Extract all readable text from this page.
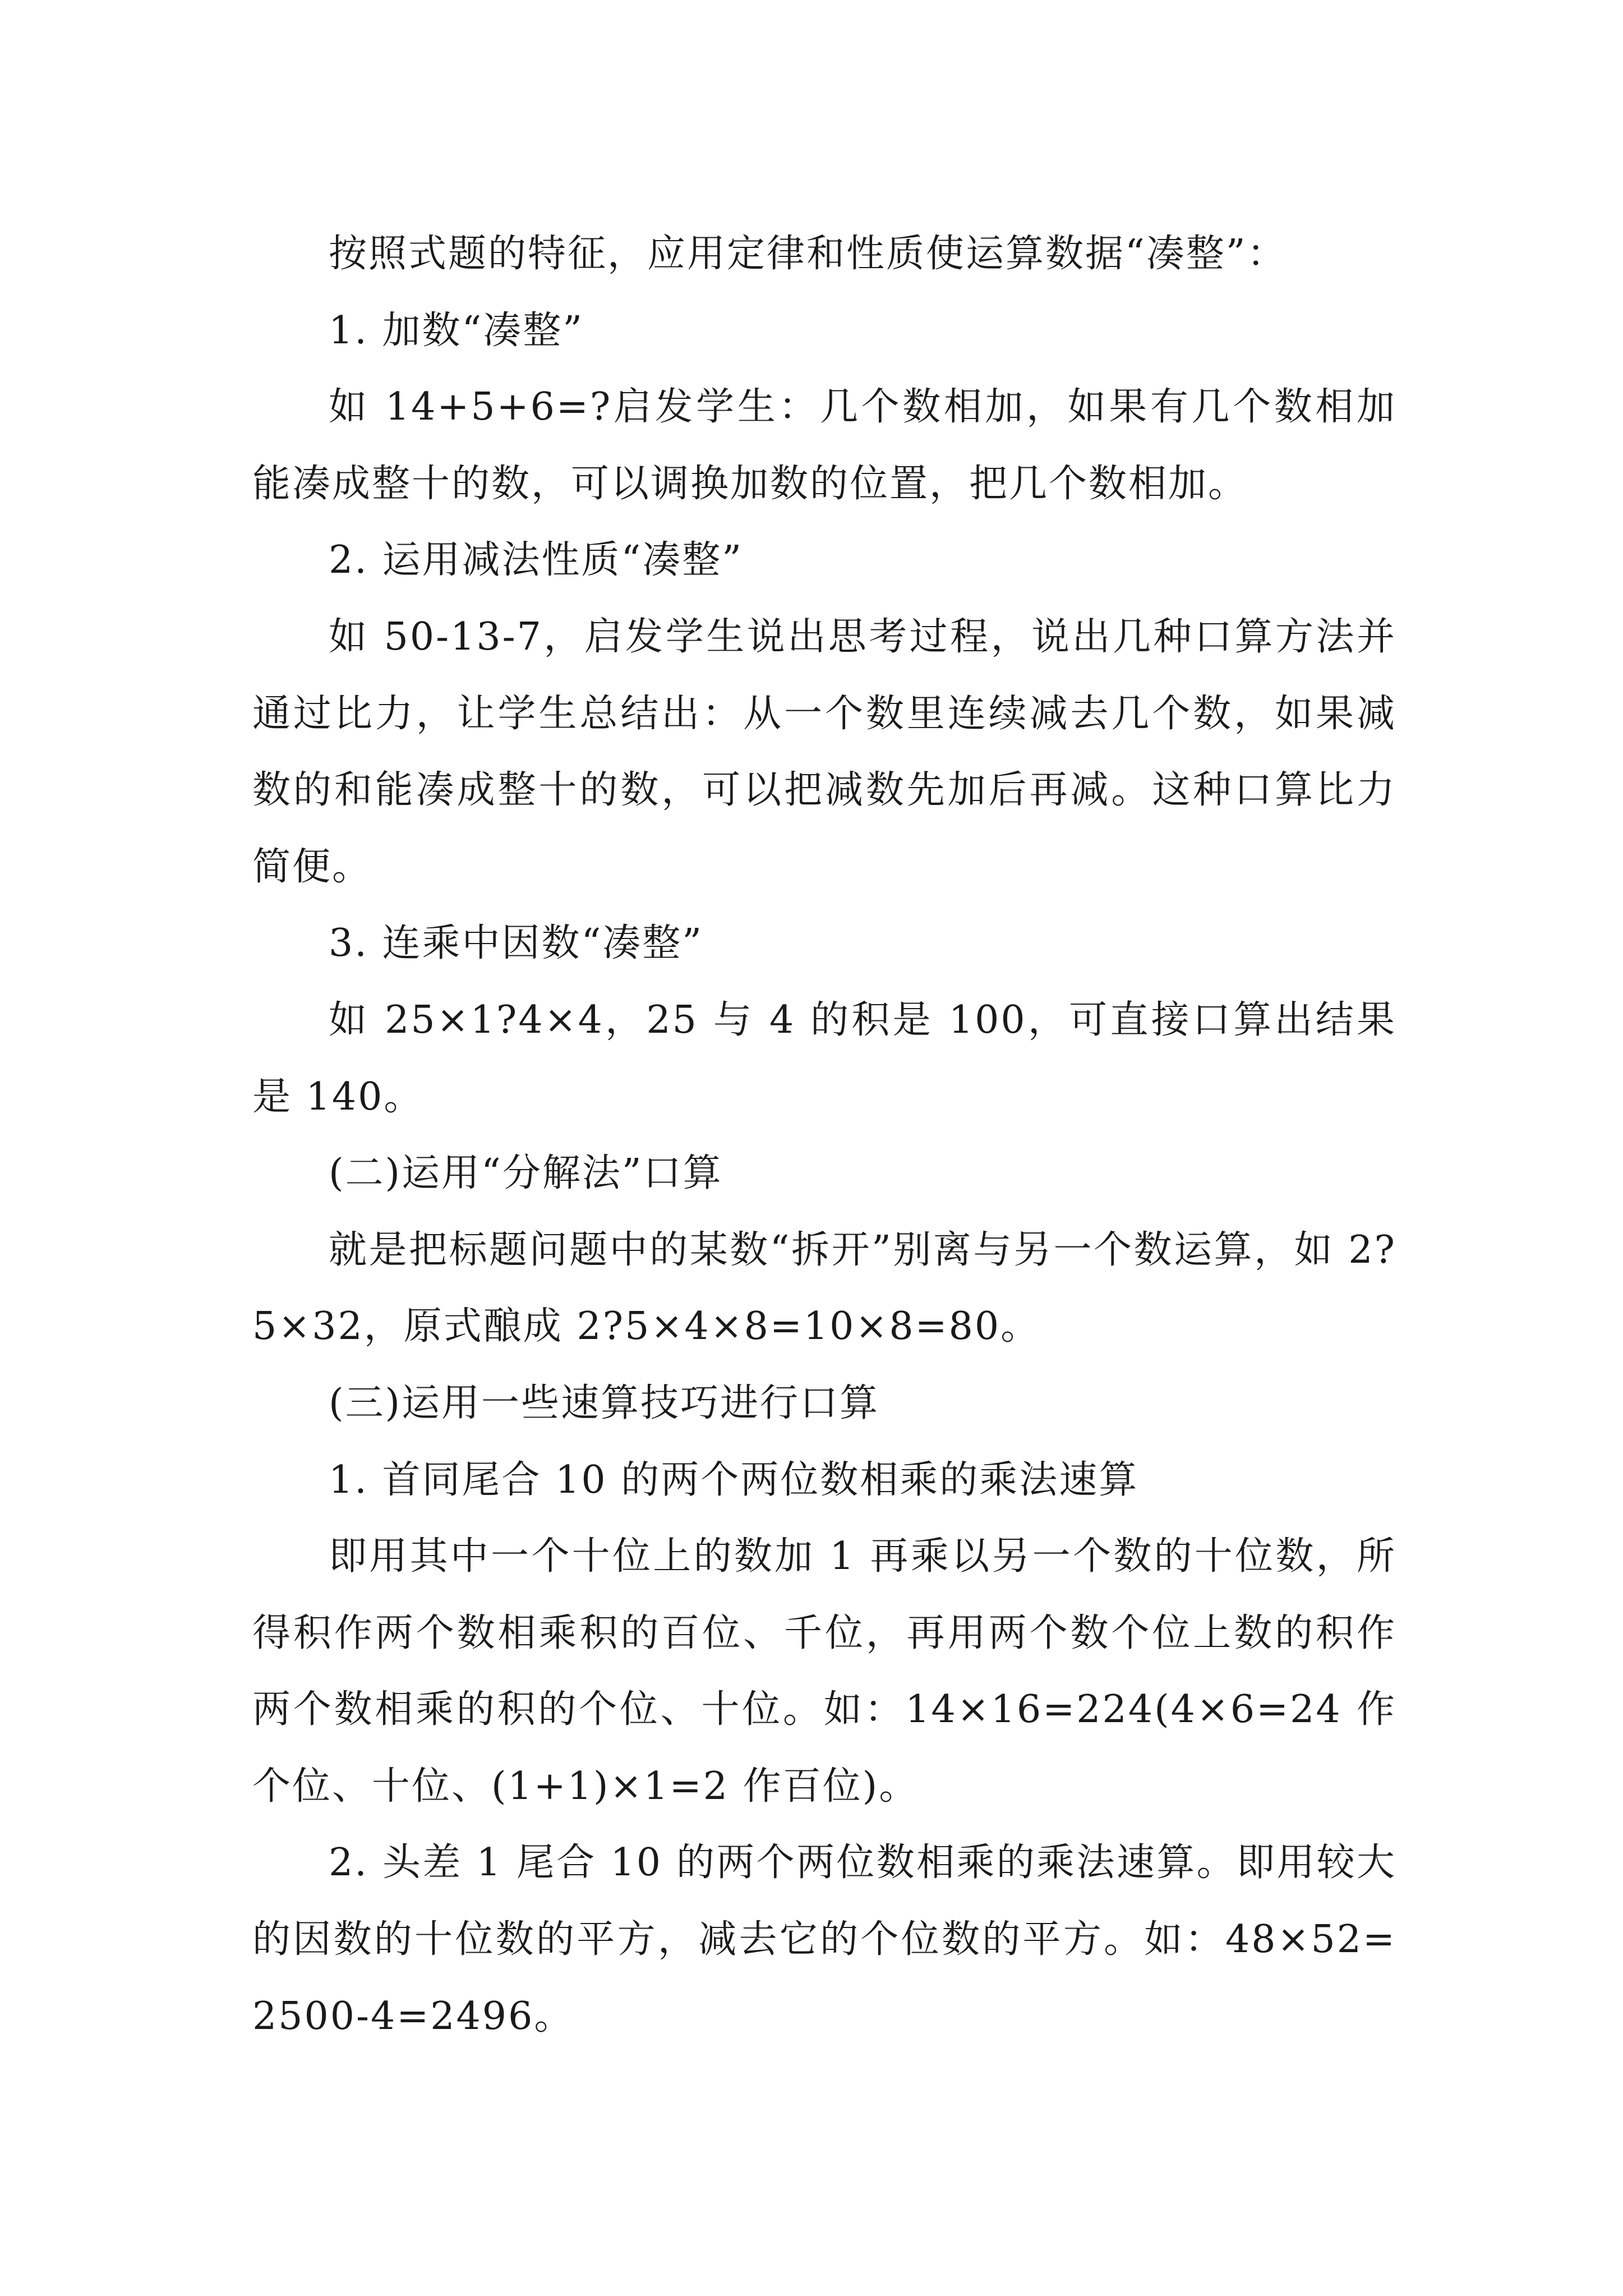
按照式题的特征，应用定律和性质使运算数据“凑整”：

1. 加数“凑整”

如 14+5+6=?启发学生：几个数相加，如果有几个数相加能凑成整十的数，可以调换加数的位置，把几个数相加。

2. 运用减法性质“凑整”

如 50-13-7，启发学生说出思考过程，说出几种口算方法并通过比力，让学生总结出：从一个数里连续减去几个数，如果减数的和能凑成整十的数，可以把减数先加后再减。这种口算比力简便。

3. 连乘中因数“凑整”

如 25×1?4×4，25 与 4 的积是 100，可直接口算出结果是 140。

(二)运用“分解法”口算

就是把标题问题中的某数“拆开”别离与另一个数运算，如 2?5×32，原式酿成 2?5×4×8=10×8=80。

(三)运用一些速算技巧进行口算

1. 首同尾合 10 的两个两位数相乘的乘法速算

即用其中一个十位上的数加 1 再乘以另一个数的十位数，所得积作两个数相乘积的百位、千位，再用两个数个位上数的积作两个数相乘的积的个位、十位。如：14×16=224(4×6=24 作个位、十位、(1+1)×1=2 作百位)。

2. 头差 1 尾合 10 的两个两位数相乘的乘法速算。即用较大的因数的十位数的平方，减去它的个位数的平方。如：48×52=2500-4=2496。
